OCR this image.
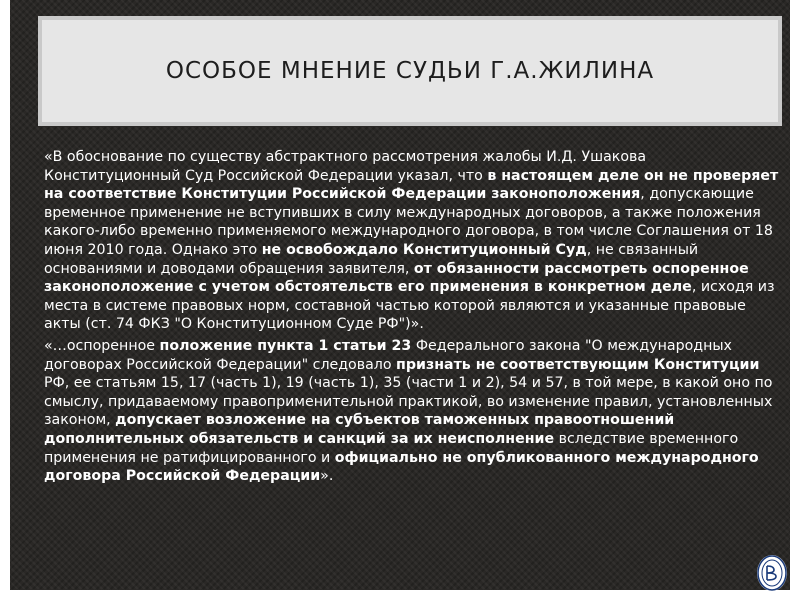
ОСОБОЕ МНЕНИЕ СУДЬИ Г.А.ЖИЛИНА

«В обоснование по существу абстрактного рассмотрения жалобы И.Д. Ушакова Конституционный Суд Российской Федерации указал, что в настоящем деле он не проверяет на соответствие Конституции Российской Федерации законоположения, допускающие временное применение не вступивших в силу международных договоров, а также положения какого-либо временно применяемого международного договора, в том числе Соглашения от 18 июня 2010 года. Однако это не освобождало Конституционный Суд, не связанный основаниями и доводами обращения заявителя, от обязанности рассмотреть оспоренное законоположение с учетом обстоятельств его применения в конкретном деле, исходя из места в системе правовых норм, составной частью которой являются и указанные правовые акты (ст. 74 ФКЗ "О Конституционном Суде РФ")».

«…оспоренное положение пункта 1 статьи 23 Федерального закона "О международных договорах Российской Федерации" следовало признать не соответствующим Конституции РФ, ее статьям 15, 17 (часть 1), 19 (часть 1), 35 (части 1 и 2), 54 и 57, в той мере, в какой оно по смыслу, придаваемому правоприменительной практикой, во изменение правил, установленных законом, допускает возложение на субъектов таможенных правоотношений дополнительных обязательств и санкций за их неисполнение вследствие временного применения не ратифицированного и официально не опубликованного международного договора Российской Федерации».
